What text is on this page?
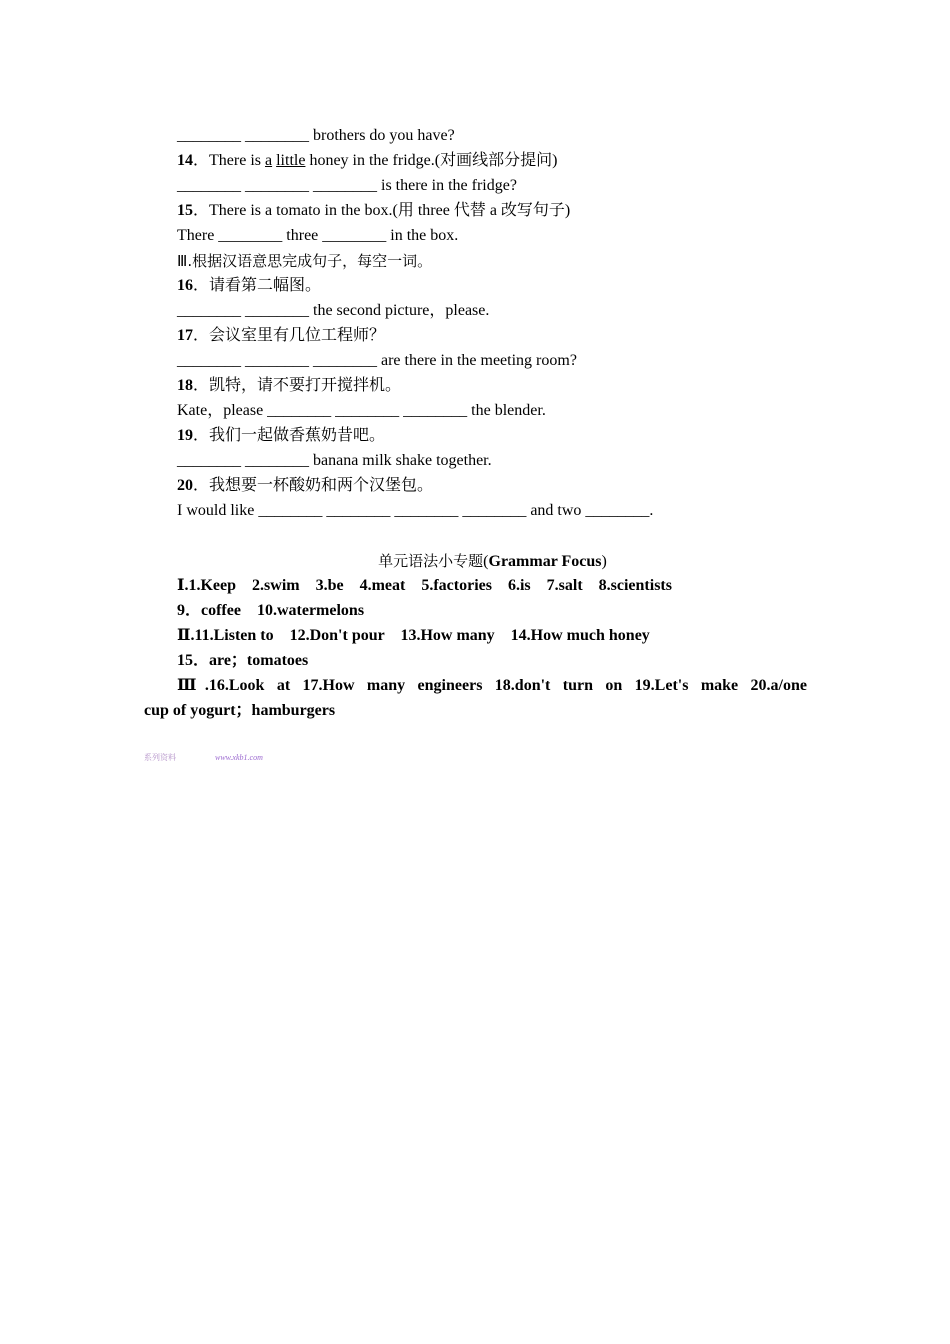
________ ________ brothers do you have?
14．There is a little honey in the fridge.(对画线部分提问)
________ ________ ________ is there in the fridge?
15．There is a tomato in the box.(用 three 代替 a 改写句子)
There ________ three ________ in the box.
Ⅲ.根据汉语意思完成句子，每空一词。
16．请看第二幅图。
________ ________ the second picture，please.
17．会议室里有几位工程师？
________ ________ ________ are there in the meeting room?
18．凯特，请不要打开搅拌机。
Kate，please ________ ________ ________ the blender.
19．我们一起做香蕉奶昔吧。
________ ________ banana milk shake together.
20．我想要一杯酸奶和两个汉堡包。
I would like ________ ________ ________ ________ and two ________.
单元语法小专题(Grammar Focus)
Ⅰ.1.Keep    2.swim    3.be    4.meat    5.factories    6.is    7.salt    8.scientists
9．coffee    10.watermelons
Ⅱ.11.Listen to    12.Don't pour    13.How many    14.How much honey
15．are；tomatoes
Ⅲ.16.Look at 17.How many engineers 18.don't turn on 19.Let's make 20.a/one
cup of yogurt；hamburgers
系列资料	www.xkb1.com
